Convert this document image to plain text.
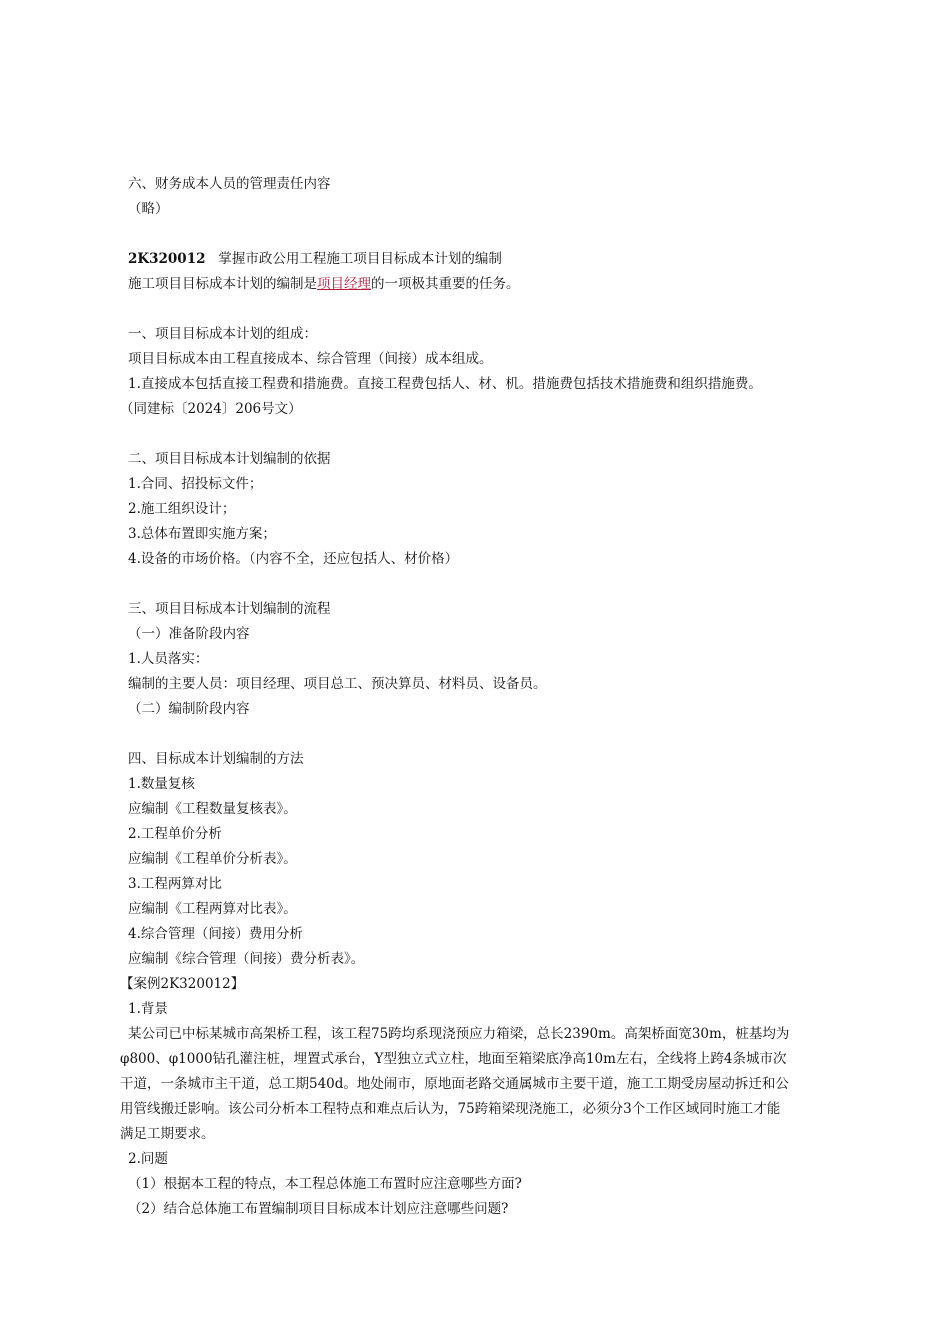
六、财务成本人员的管理责任内容

（略）

2K320012 掌握市政公用工程施工项目目标成本计划的编制

施工项目目标成本计划的编制是项目经理的一项极其重要的任务。

一、项目目标成本计划的组成：

项目目标成本由工程直接成本、综合管理（间接）成本组成。

1.直接成本包括直接工程费和措施费。直接工程费包括人、材、机。措施费包括技术措施费和组织措施费。

（同建标〔2024〕206号文）

二、项目目标成本计划编制的依据

1.合同、招投标文件；

2.施工组织设计；

3.总体布置即实施方案；

4.设备的市场价格。（内容不全，还应包括人、材价格）

三、项目目标成本计划编制的流程

（一）准备阶段内容

1.人员落实：

编制的主要人员：项目经理、项目总工、预决算员、材料员、设备员。

（二）编制阶段内容

四、目标成本计划编制的方法

1.数量复核

应编制《工程数量复核表》。

2.工程单价分析

应编制《工程单价分析表》。

3.工程两算对比

应编制《工程两算对比表》。

4.综合管理（间接）费用分析

应编制《综合管理（间接）费分析表》。

【案例2K320012】

1.背景

某公司已中标某城市高架桥工程，该工程75跨均系现浇预应力箱梁，总长2390m。高架桥面宽30m，桩基均为

φ800、φ1000钻孔灌注桩，埋置式承台，Y型独立式立柱，地面至箱梁底净高10m左右，全线将上跨4条城市次

干道，一条城市主干道，总工期540d。地处闹市，原地面老路交通属城市主要干道，施工工期受房屋动拆迁和公

用管线搬迁影响。该公司分析本工程特点和难点后认为，75跨箱梁现浇施工，必须分3个工作区域同时施工才能

满足工期要求。

2.问题

（1）根据本工程的特点，本工程总体施工布置时应注意哪些方面?

（2）结合总体施工布置编制项目目标成本计划应注意哪些问题?
